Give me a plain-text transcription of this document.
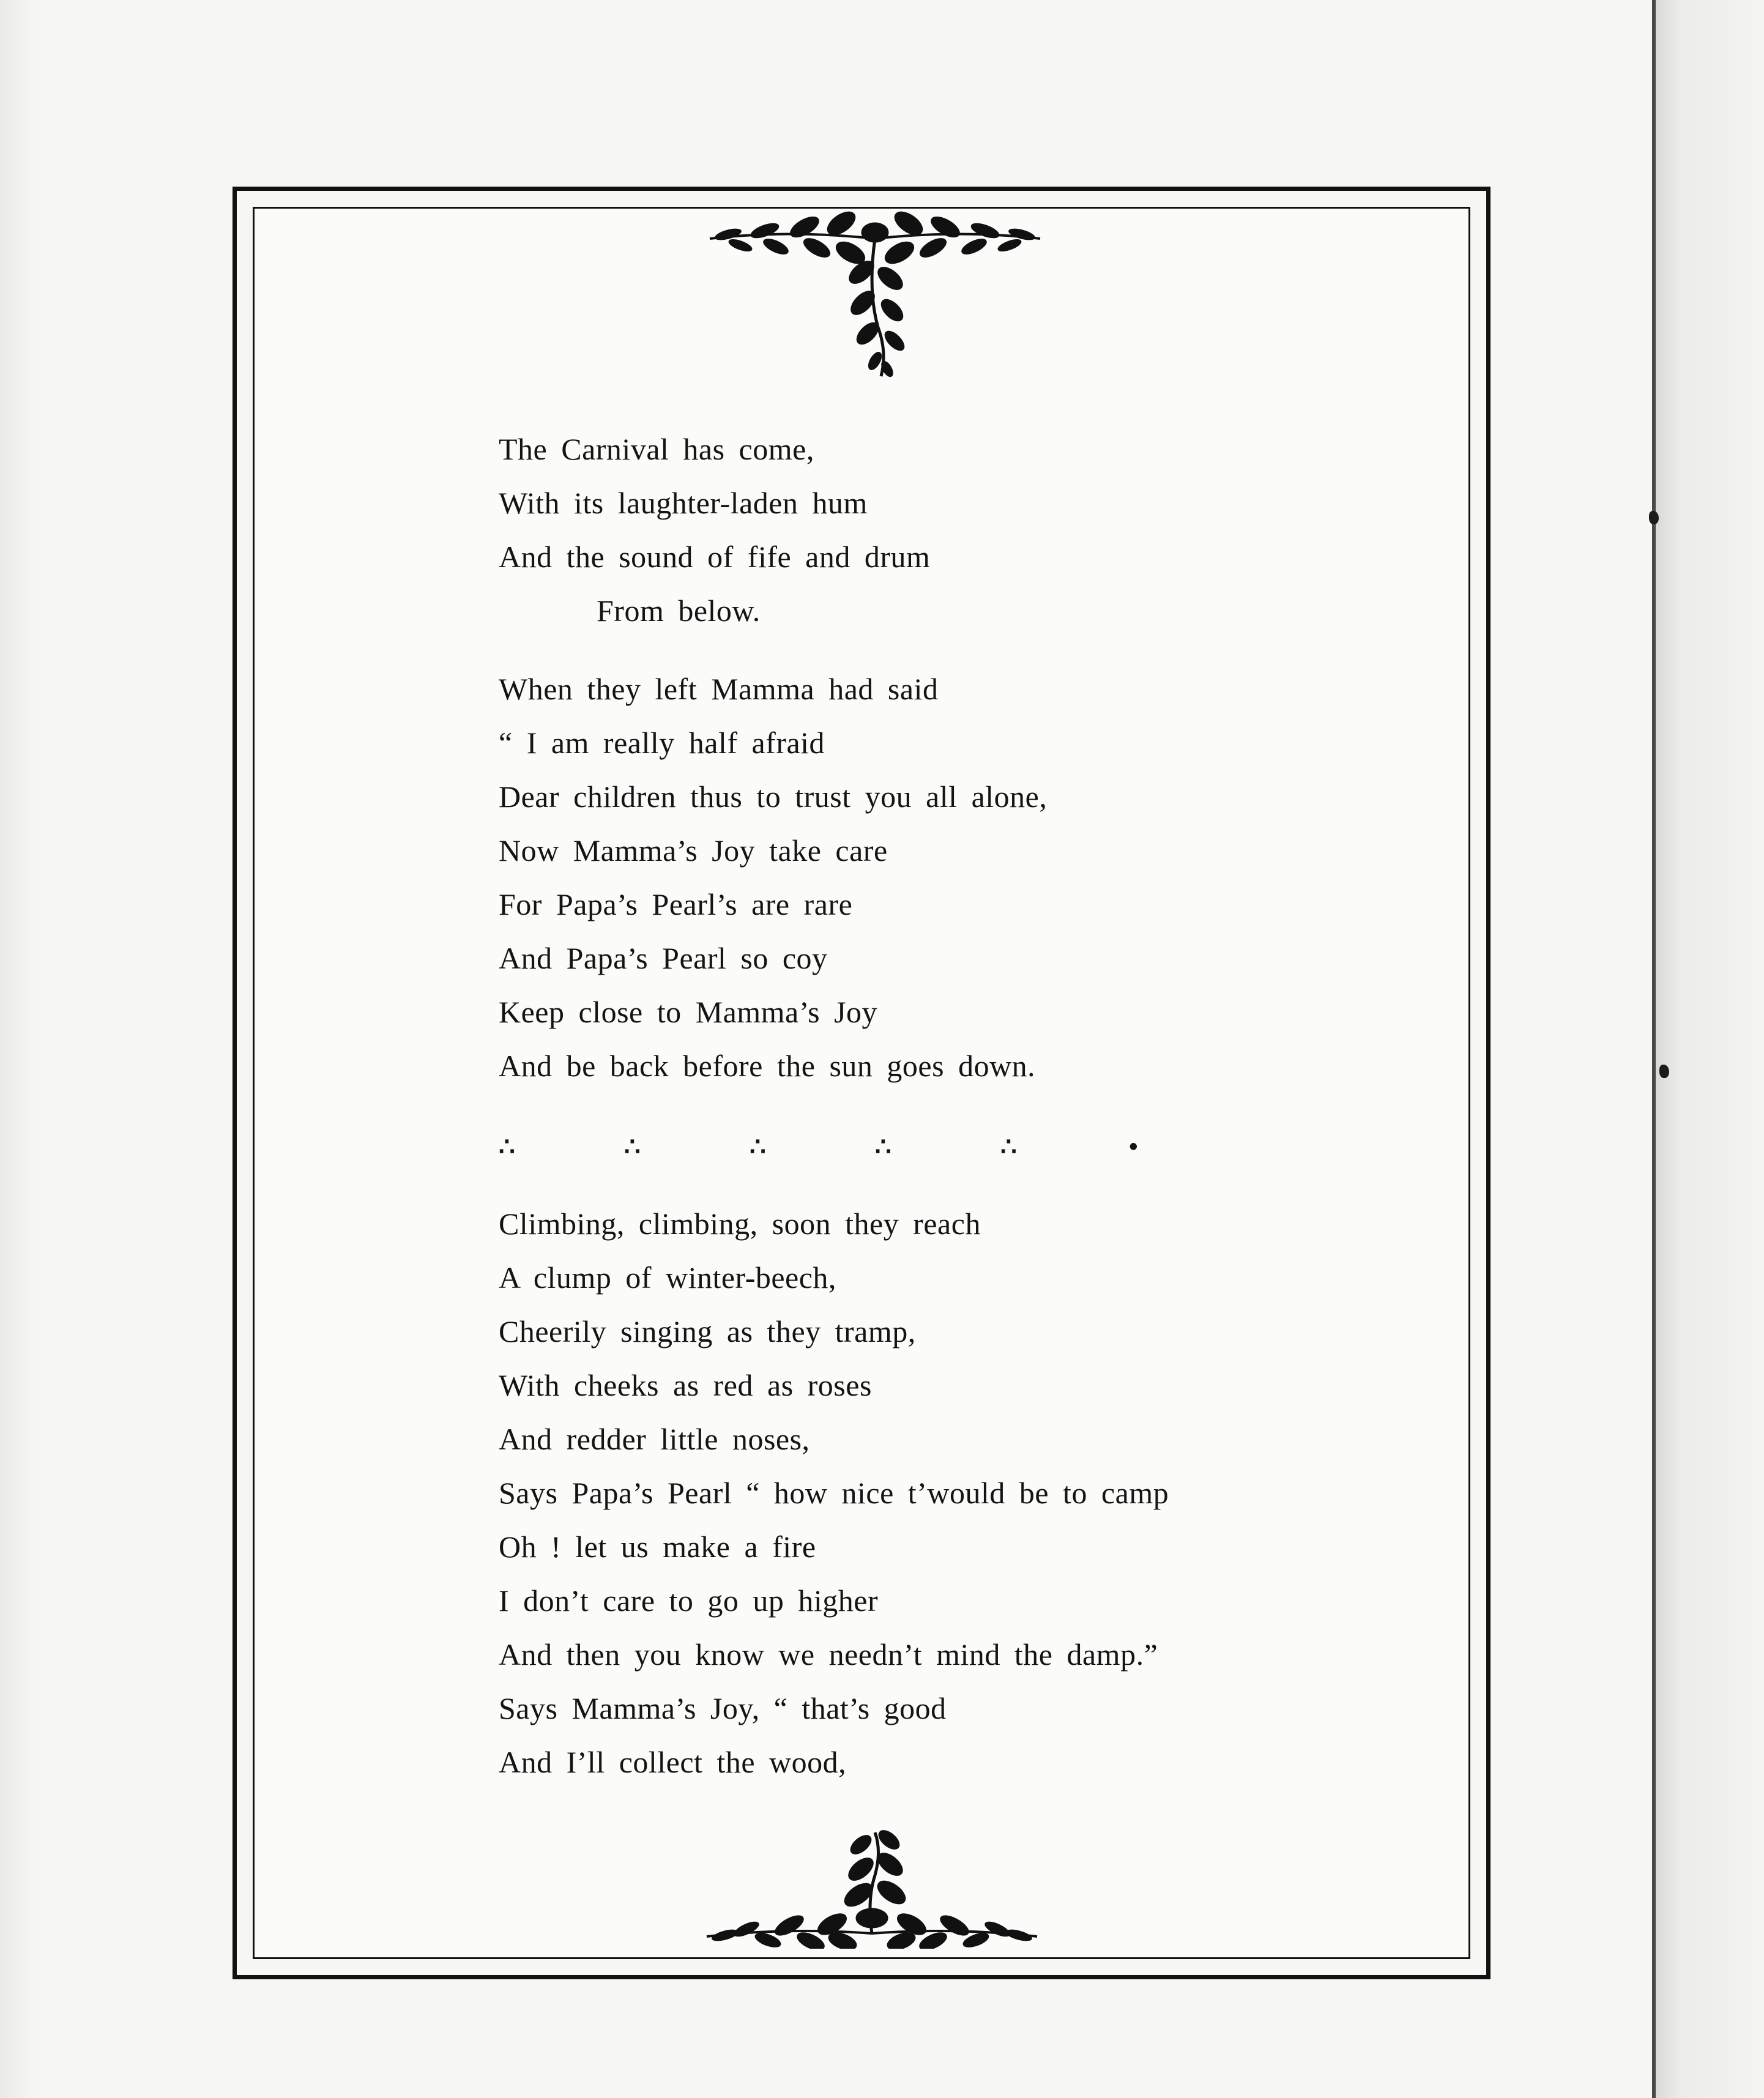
The Carnival has come,
With its laughter-laden hum
And the sound of fife and drum
From below.
When they left Mamma had said
“ I am really half afraid
Dear children thus to trust you all alone,
Now Mamma’s Joy take care
For Papa’s Pearl’s are rare
And Papa’s Pearl so coy
Keep close to Mamma’s Joy
And be back before the sun goes down.
∴	∴	∴	∴	∴	•
Climbing, climbing, soon they reach
A clump of winter-beech,
Cheerily singing as they tramp,
With cheeks as red as roses
And redder little noses,
Says Papa’s Pearl “ how nice t’would be to camp
Oh ! let us make a fire
I don’t care to go up higher
And then you know we needn’t mind the damp.”
Says Mamma’s Joy, “ that’s good
And I’ll collect the wood,
